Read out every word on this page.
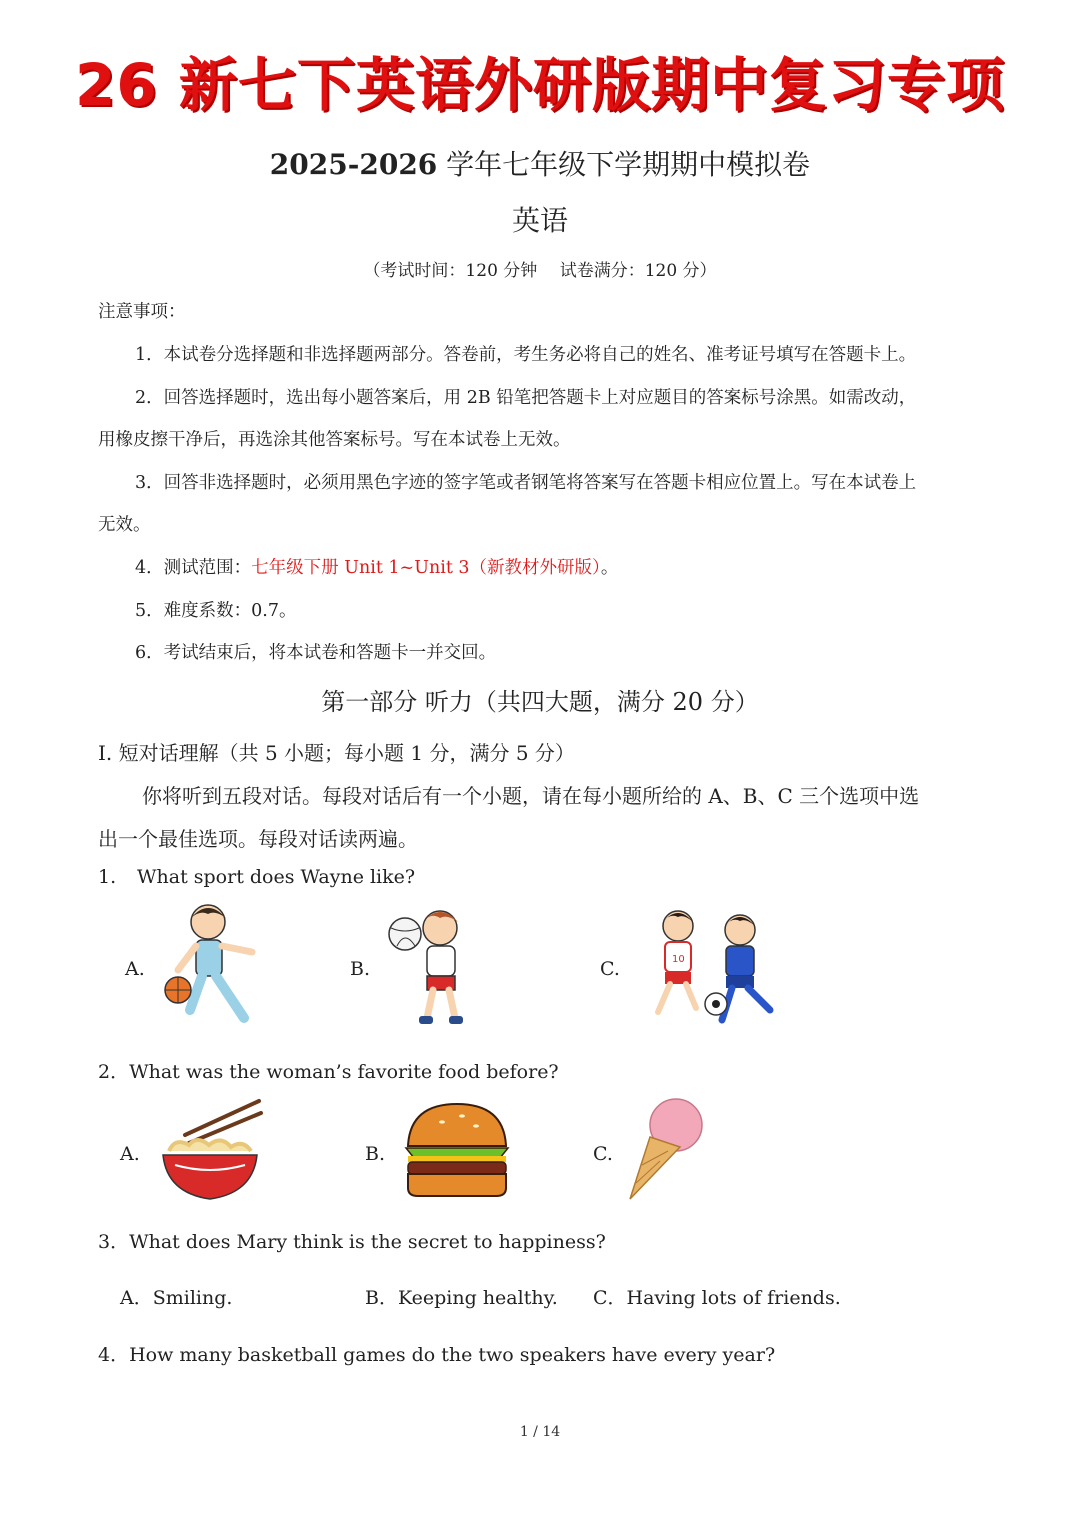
26 新七下英语外研版期中复习专项
2025-2026 学年七年级下学期期中模拟卷
英语
（考试时间：120 分钟　 试卷满分：120 分）
注意事项：
1．本试卷分选择题和非选择题两部分。答卷前，考生务必将自己的姓名、准考证号填写在答题卡上。
2．回答选择题时，选出每小题答案后，用 2B 铅笔把答题卡上对应题目的答案标号涂黑。如需改动，
用橡皮擦干净后，再选涂其他答案标号。写在本试卷上无效。
3．回答非选择题时，必须用黑色字迹的签字笔或者钢笔将答案写在答题卡相应位置上。写在本试卷上
无效。
4．测试范围：七年级下册 Unit 1~Unit 3（新教材外研版）。
5．难度系数：0.7。
6．考试结束后，将本试卷和答题卡一并交回。
第一部分 听力（共四大题，满分 20 分）
I. 短对话理解（共 5 小题；每小题 1 分，满分 5 分）
你将听到五段对话。每段对话后有一个小题，请在每小题所给的 A、B、C 三个选项中选
出一个最佳选项。每段对话读两遍。
1. What sport does Wayne like?
A.	B.	C.	10
2．What was the woman’s favorite food before?
A.	B.	C.
3．What does Mary think is the secret to happiness?
A．Smiling.	B．Keeping healthy. C．Having lots of friends.
4．How many basketball games do the two speakers have every year?
1 / 14
